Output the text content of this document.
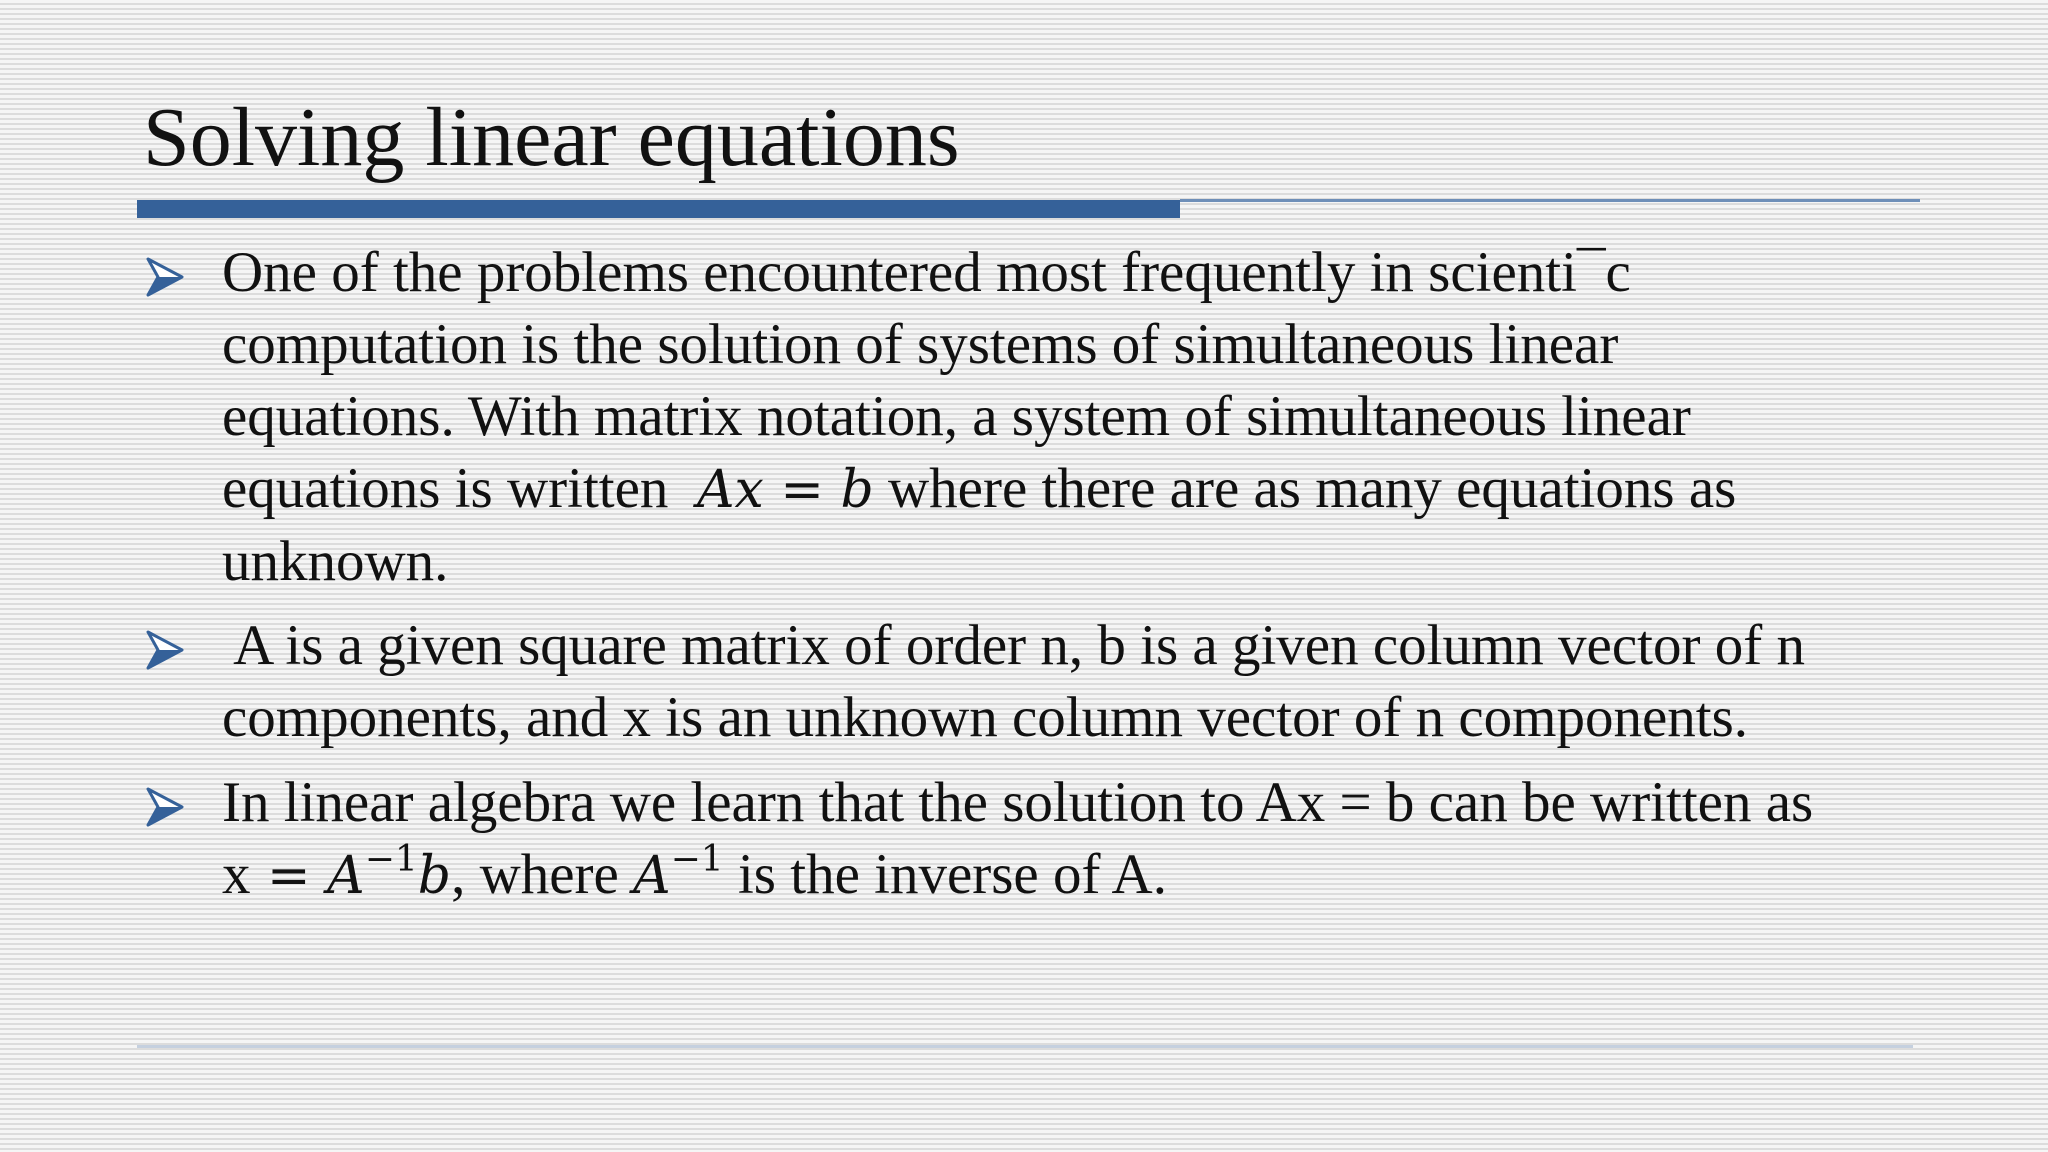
Solving linear equations
One of the problems encountered most frequently in scienti¯c
computation is the solution of systems of simultaneous linear
equations. With matrix notation, a system of simultaneous linear
equations is written  Ax = b where there are as many equations as
unknown.
A is a given square matrix of order n, b is a given column vector of n
components, and x is an unknown column vector of n components.
In linear algebra we learn that the solution to Ax = b can be written as
$x = A^{-1}b$, where $A^{-1}$ is the inverse of A.
